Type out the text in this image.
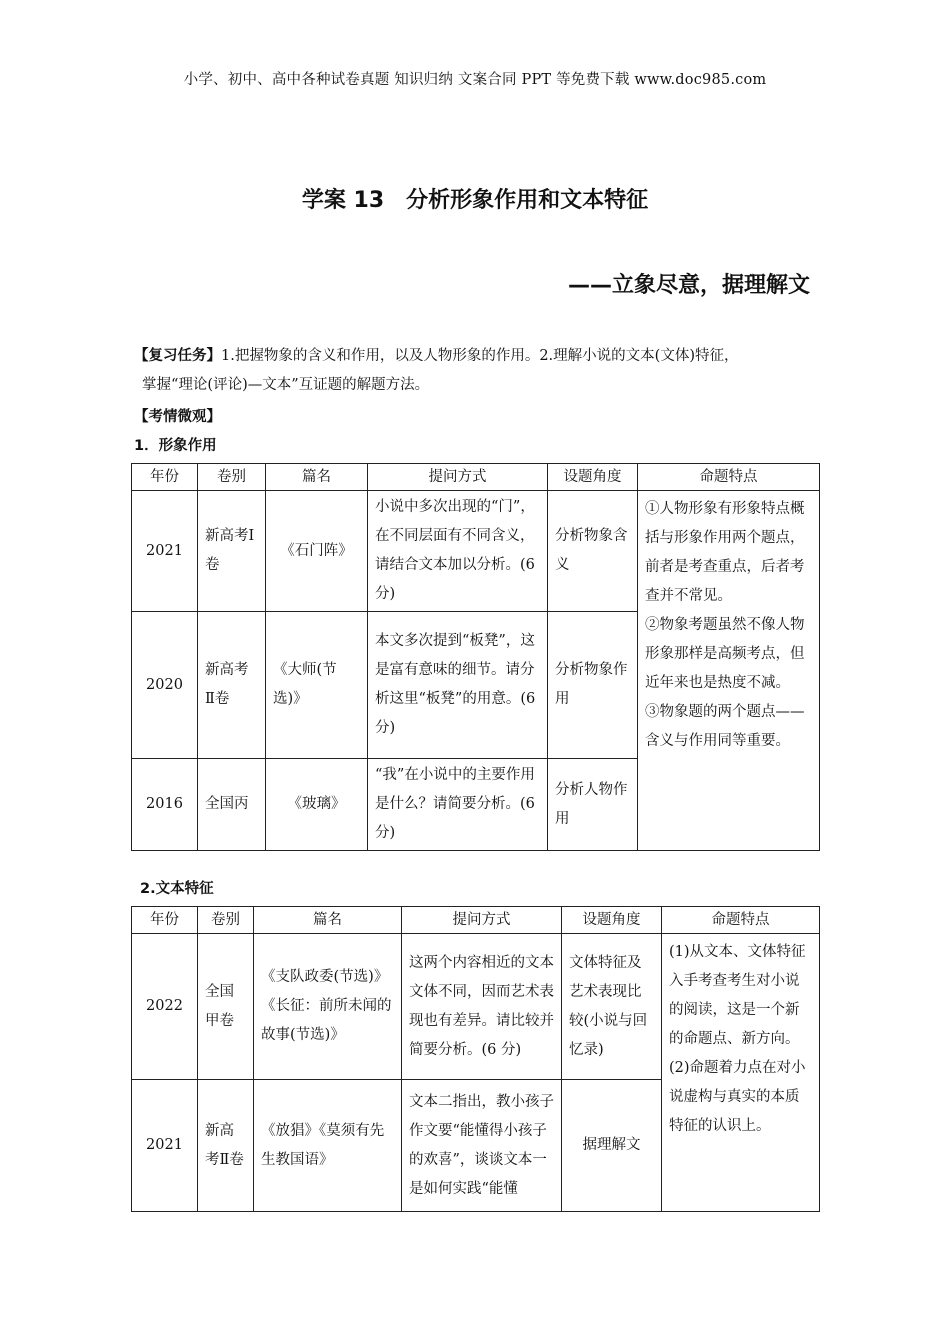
小学、初中、高中各种试卷真题 知识归纳 文案合同 PPT 等免费下载 www.doc985.com
学案 13　分析形象作用和文本特征
——立象尽意，据理解文
【复习任务】1.把握物象的含义和作用，以及人物形象的作用。2.理解小说的文本(文体)特征，
掌握“理论(评论)—文本”互证题的解题方法。
【考情微观】
1．形象作用
年份	卷别	篇名	提问方式	设题角度	命题特点
2021	新高考Ⅰ卷	《石门阵》	小说中多次出现的“门”，在不同层面有不同含义，请结合文本加以分析。(6 分)	分析物象含义	①人物形象有形象特点概括与形象作用两个题点，前者是考查重点，后者考查并不常见。
②物象考题虽然不像人物形象那样是高频考点，但近年来也是热度不减。
③物象题的两个题点——含义与作用同等重要。

2020	新高考Ⅱ卷	《大师(节选)》	本文多次提到“板凳”，这是富有意味的细节。请分析这里“板凳”的用意。(6 分)	分析物象作用	
2016	全国丙	《玻璃》	“我”在小说中的主要作用是什么？请简要分析。(6 分)	分析人物作用	
2.文本特征
年份	卷别	篇名	提问方式	设题角度	命题特点
2022	全国甲卷	《支队政委(节选)》《长征：前所未闻的故事(节选)》	这两个内容相近的文本文体不同，因而艺术表现也有差异。请比较并简要分析。(6 分)	文体特征及艺术表现比较(小说与回忆录)	(1)从文本、文体特征入手考查考生对小说的阅读，这是一个新的命题点、新方向。
(2)命题着力点在对小说虚构与真实的本质特征的认识上。

2021	新高考Ⅱ卷	《放猖》《莫须有先生教国语》	文本二指出，教小孩子作文要“能懂得小孩子的欢喜”，谈谈文本一是如何实践“能懂	据理解文	
